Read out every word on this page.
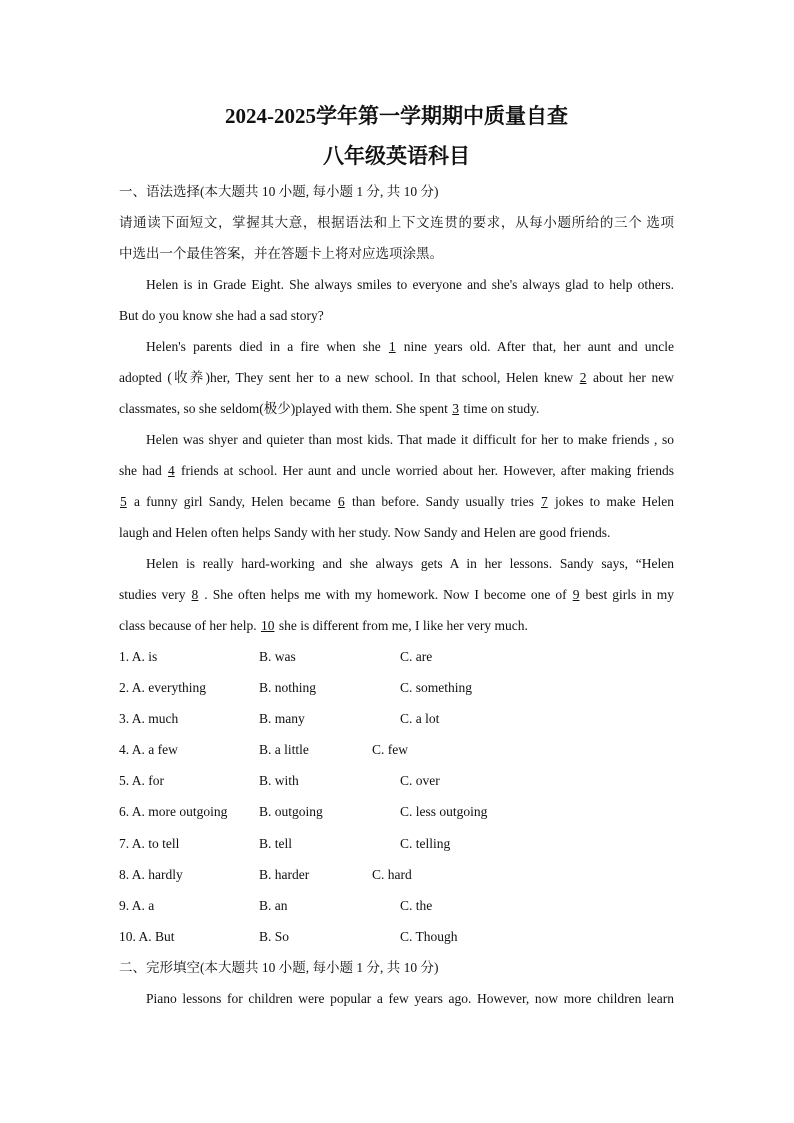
2024-2025学年第一学期期中质量自查

八年级英语科目

一、语法选择(本大题共 10 小题, 每小题 1 分, 共 10 分)

请通读下面短文，掌握其大意，根据语法和上下文连贯的要求，从每小题所给的三个 选项

中选出一个最佳答案，并在答题卡上将对应选项涂黑。

Helen is in Grade Eight. She always smiles to everyone and she's always glad to help others.

But do you know she had a sad story?

Helen's parents died in a fire when she 1 nine years old. After that, her aunt and uncle

adopted (收养)her, They sent her to a new school. In that school, Helen knew 2 about her new

classmates, so she seldom(极少)played with them. She spent 3 time on study.

Helen was shyer and quieter than most kids. That made it difficult for her to make friends , so

she had 4 friends at school. Her aunt and uncle worried about her. However, after making friends

5 a funny girl Sandy, Helen became 6 than before. Sandy usually tries 7 jokes to make Helen

laugh and Helen often helps Sandy with her study. Now Sandy and Helen are good friends.

Helen is really hard-working and she always gets A in her lessons. Sandy says, “Helen

studies very 8 . She often helps me with my homework. Now I become one of 9 best girls in my

class because of her help. 10 she is different from me, I like her very much.

1. A. is	B. was	C. are
2. A. everything	B. nothing	C. something
3. A. much	B. many	C. a lot
4. A. a few	B. a little	C. few
5. A. for	B. with	C. over
6. A. more outgoing	B. outgoing	C. less outgoing
7. A. to tell	B. tell	C. telling
8. A. hardly	B. harder	C. hard
9. A. a	B. an	C. the
10. A. But	B. So	C. Though

二、完形填空(本大题共 10 小题, 每小题 1 分, 共 10 分)

Piano lessons for children were popular a few years ago. However, now more children learn
